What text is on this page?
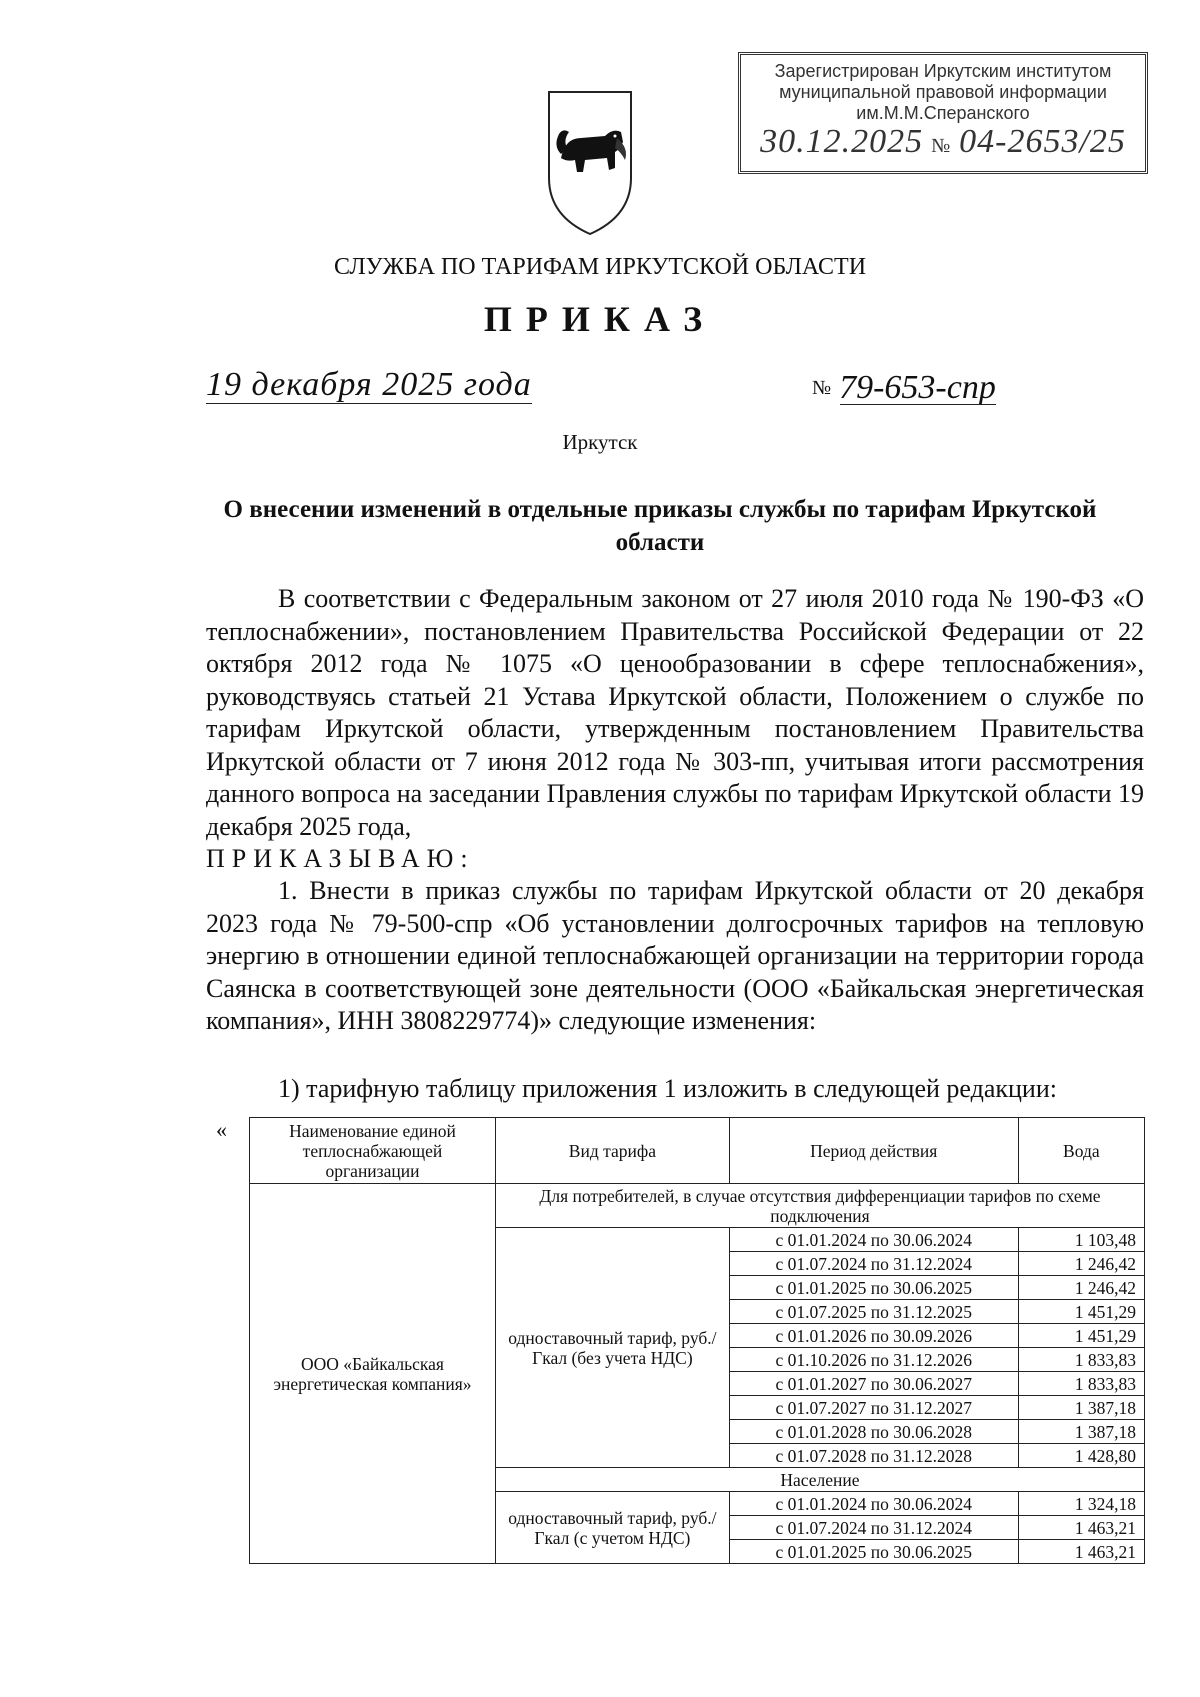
Зарегистрирован Иркутским институтом
муниципальной правовой информации
им.М.М.Сперанского
30.12.2025 № 04-2653/25
СЛУЖБА ПО ТАРИФАМ ИРКУТСКОЙ ОБЛАСТИ
ПРИКАЗ
19 декабря 2025 года	№ 79-653-спр
Иркутск
О внесении изменений в отдельные приказы службы по тарифам Иркутской области
В соответствии с Федеральным законом от 27 июля 2010 года № 190-ФЗ «О теплоснабжении», постановлением Правительства Российской Федерации от 22 октября 2012 года № 1075 «О ценообразовании в сфере теплоснабжения», руководствуясь статьей 21 Устава Иркутской области, Положением о службе по тарифам Иркутской области, утвержденным постановлением Правительства Иркутской области от 7 июня 2012 года № 303-пп, учитывая итоги рассмотрения данного вопроса на заседании Правления службы по тарифам Иркутской области 19 декабря 2025 года,
ПРИКАЗЫВАЮ:
1. Внести в приказ службы по тарифам Иркутской области от 20 декабря 2023 года № 79-500-спр «Об установлении долгосрочных тарифов на тепловую энергию в отношении единой теплоснабжающей организации на территории города Саянска в соответствующей зоне деятельности (ООО «Байкальская энергетическая компания», ИНН 3808229774)» следующие изменения:
1) тарифную таблицу приложения 1 изложить в следующей редакции:
«	Наименование единой теплоснабжающей организации	Вид тарифа	Период действия	Вода
ООО «Байкальская энергетическая компания»	Для потребителей, в случае отсутствия дифференциации тарифов по схеме подключения		
	одноставочный тариф, руб./Гкал (без учета НДС)	с 01.01.2024 по 30.06.2024	1 103,48
		с 01.07.2024 по 31.12.2024	1 246,42
		с 01.01.2025 по 30.06.2025	1 246,42
		с 01.07.2025 по 31.12.2025	1 451,29
		с 01.01.2026 по 30.09.2026	1 451,29
		с 01.10.2026 по 31.12.2026	1 833,83
		с 01.01.2027 по 30.06.2027	1 833,83
		с 01.07.2027 по 31.12.2027	1 387,18
		с 01.01.2028 по 30.06.2028	1 387,18
		с 01.07.2028 по 31.12.2028	1 428,80
	Население		
	одноставочный тариф, руб./Гкал (с учетом НДС)	с 01.01.2024 по 30.06.2024	1 324,18
		с 01.07.2024 по 31.12.2024	1 463,21
		с 01.01.2025 по 30.06.2025	1 463,21
